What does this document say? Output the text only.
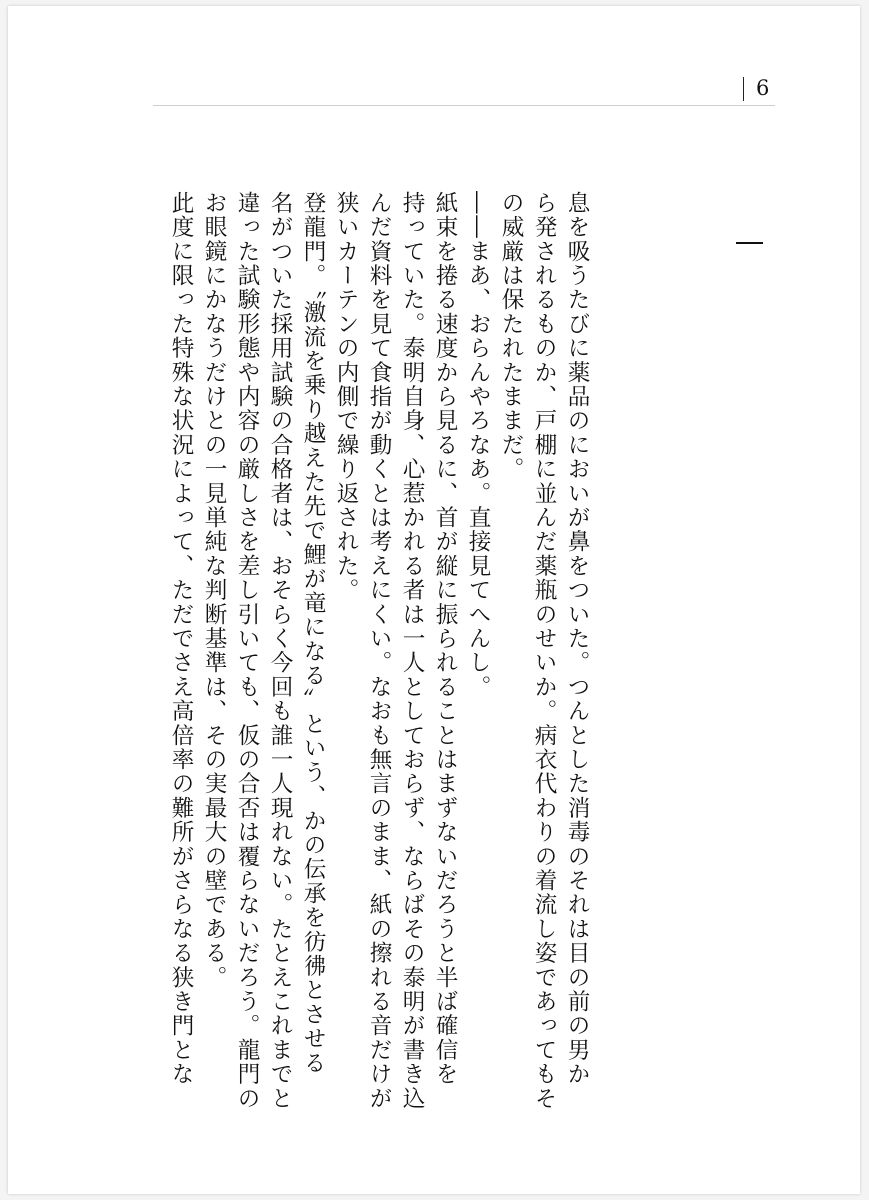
6
息を吸うたびに薬品のにおいが鼻をついた。つんとした消毒のそれは目の前の男か
ら発されるものか、戸棚に並んだ薬瓶のせいか。病衣代わりの着流し姿であってもそ
の威厳は保たれたままだ。
――まあ、おらんやろなあ。直接見てへんし。
紙束を捲る速度から見るに、首が縦に振られることはまずないだろうと半ば確信を
持っていた。泰明自身、心惹かれる者は一人としておらず、ならばその泰明が書き込
んだ資料を見て食指が動くとは考えにくい。なおも無言のまま、紙の擦れる音だけが
狭いカーテンの内側で繰り返された。
登龍門。〝激流を乗り越えた先で鯉が竜になる〟という、かの伝承を彷彿とさせる
名がついた採用試験の合格者は、おそらく今回も誰一人現れない。たとえこれまでと
違った試験形態や内容の厳しさを差し引いても、仮の合否は覆らないだろう。龍門の
お眼鏡にかなうだけとの一見単純な判断基準は、その実最大の壁である。
此度に限った特殊な状況によって、ただでさえ高倍率の難所がさらなる狭き門とな
